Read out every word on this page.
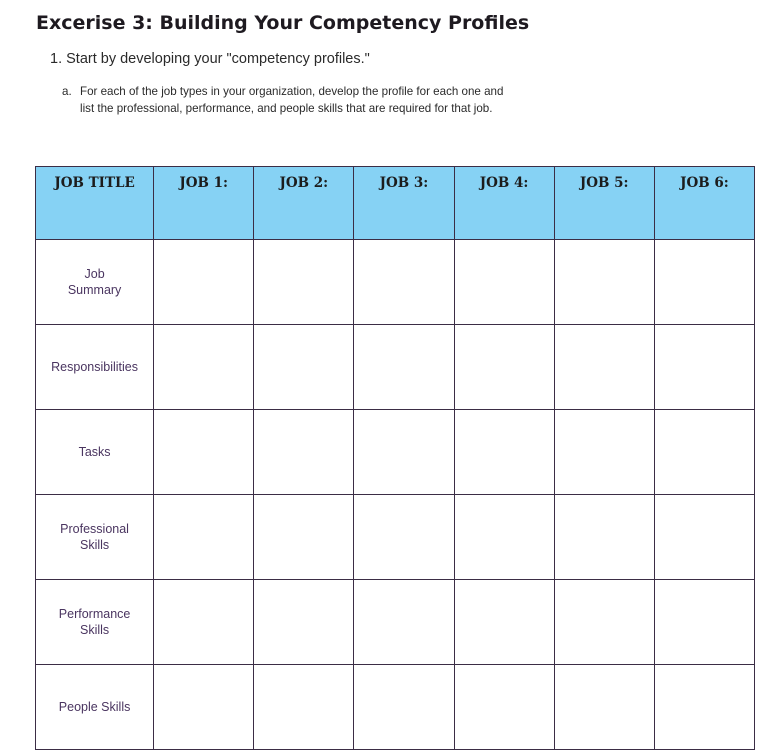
Excerise 3: Building Your Competency Profiles
1. Start by developing your "competency profiles."
a. For each of the job types in your organization, develop the profile for each one and
list the professional, performance, and people skills that are required for that job.
JOB TITLE	JOB 1:	JOB 2:	JOB 3:	JOB 4:	JOB 5:	JOB 6:

Job
Summary						

Responsibilities						

Tasks						

Professional
Skills						

Performance
Skills						

People Skills						
